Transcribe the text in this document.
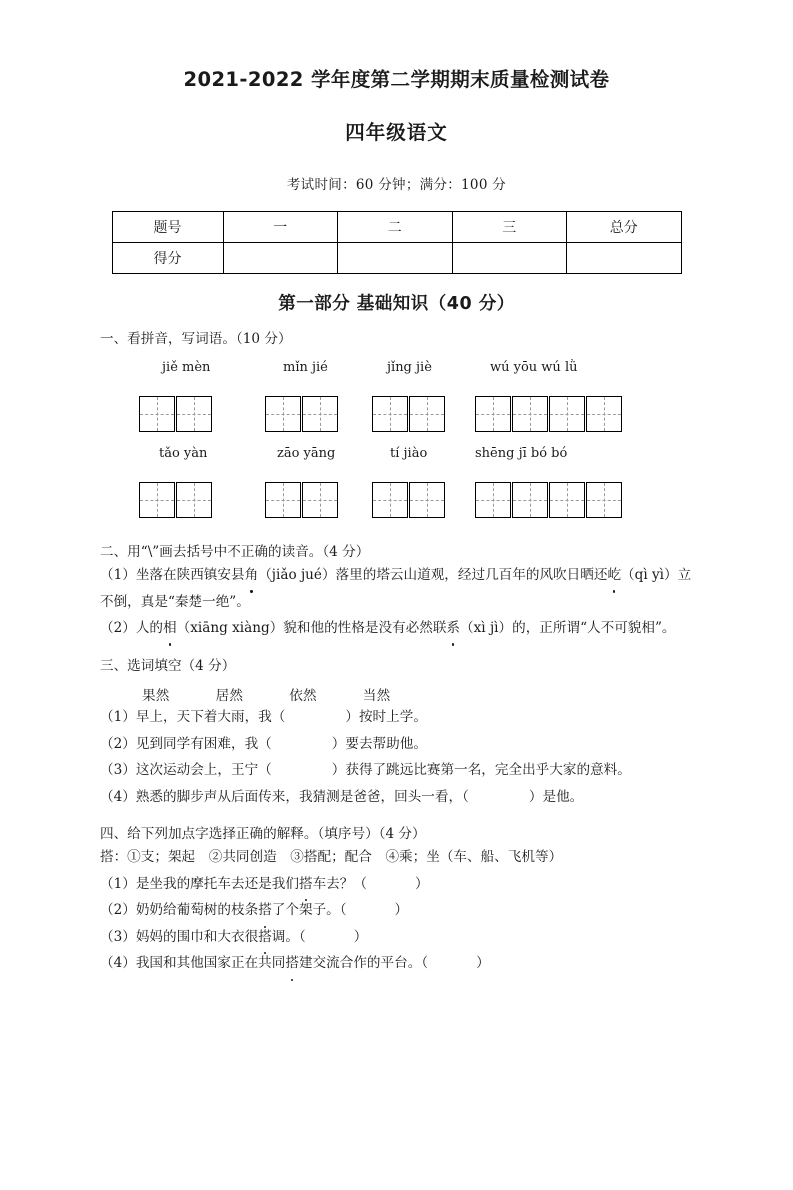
2021-2022 学年度第二学期期末质量检测试卷
四年级语文
考试时间：60 分钟；满分：100 分
题号	一	二	三	总分
得分				
第一部分 基础知识（40 分）
一、看拼音，写词语。（10 分）
jiě mèn	mǐn jié	jǐng jiè	wú yōu wú lǜ
tǎo yàn	zāo yāng	tí jiào	shēng jī bó bó
二、用“\”画去括号中不正确的读音。（4 分）

（1）坐落在陕西镇安县角（jiǎo jué）落里的塔云山道观，经过几百年的风吹日晒还屹（qì yì）立不倒，真是“秦楚一绝”。

（2）人的相（xiāng xiàng）貌和他的性格是没有必然联系（xì jì）的，正所谓“人不可貌相”。

三、选词填空（4 分）
果然	居然	依然	当然

（1）早上，天下着大雨，我（	）按时上学。

（2）见到同学有困难，我（	）要去帮助他。

（3）这次运动会上，王宁（	）获得了跳远比赛第一名，完全出乎大家的意料。

（4）熟悉的脚步声从后面传来，我猜测是爸爸，回头一看，（	）是他。

四、给下列加点字选择正确的解释。（填序号）（4 分）

搭：①支；架起　②共同创造　③搭配；配合　④乘；坐（车、船、飞机等）

（1）是坐我的摩托车去还是我们搭车去？（	）

（2）奶奶给葡萄树的枝条搭了个架子。（	）

（3）妈妈的围巾和大衣很搭调。（	）

（4）我国和其他国家正在共同搭建交流合作的平台。（	）
